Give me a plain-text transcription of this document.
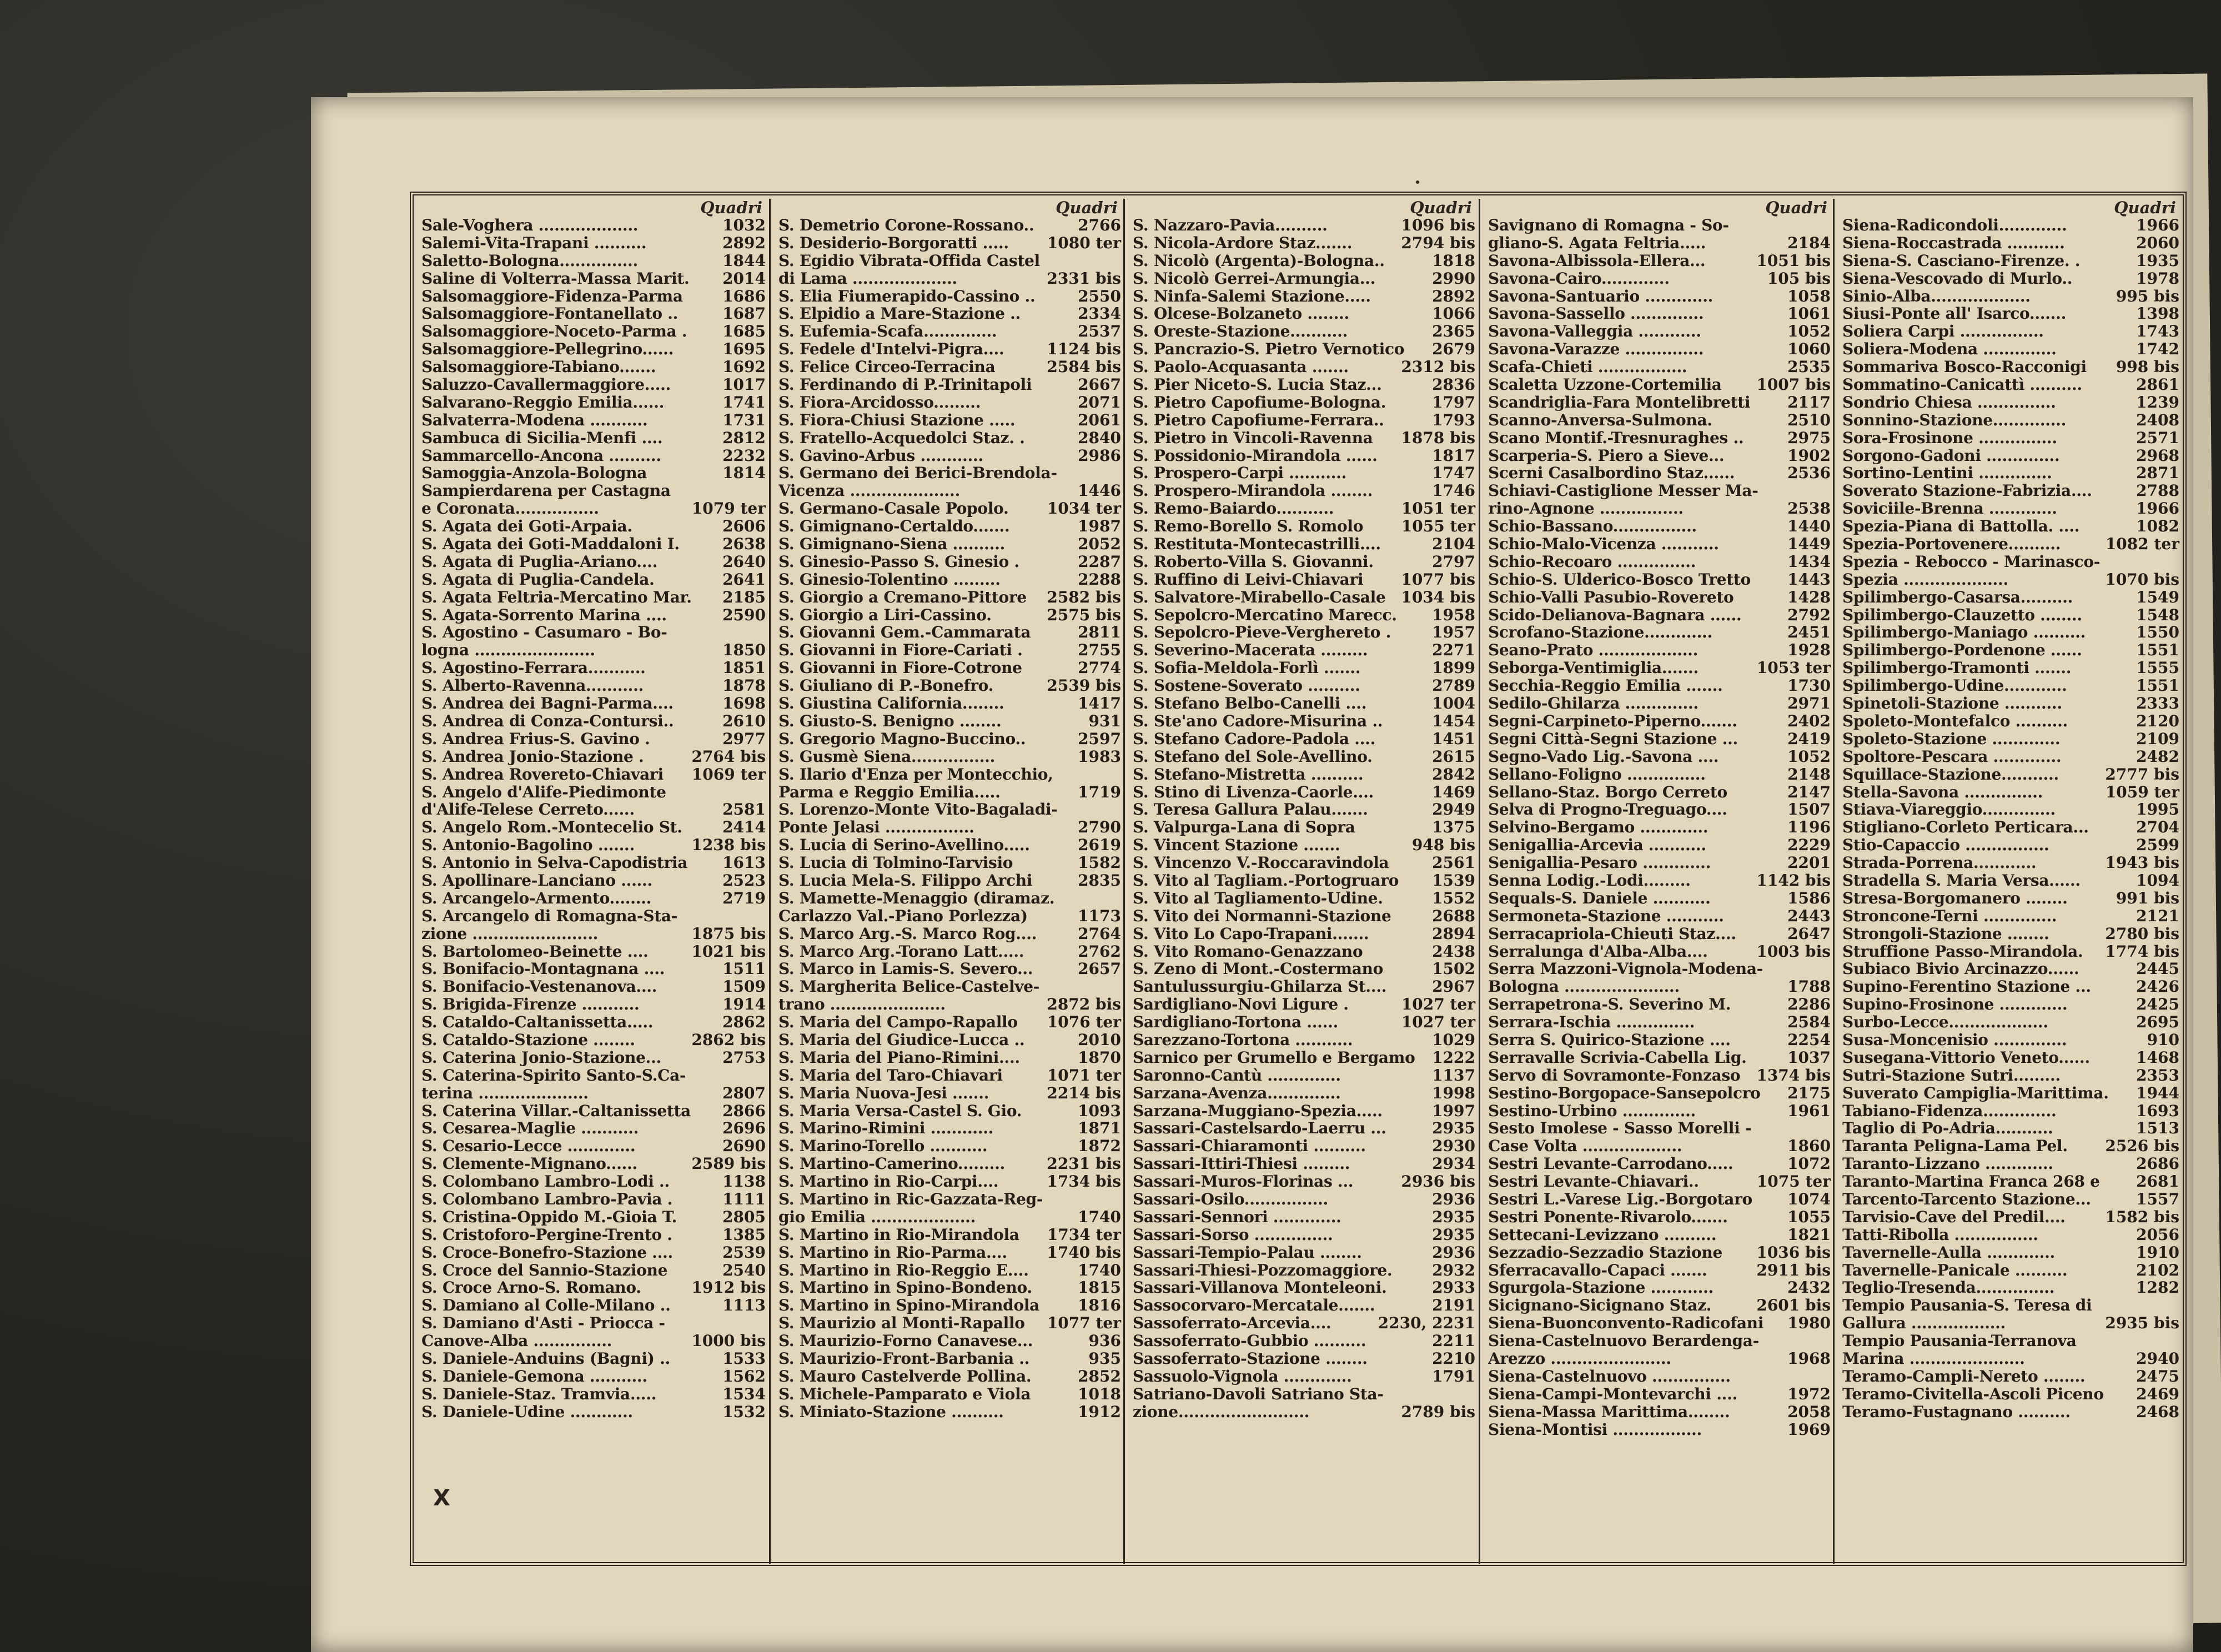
Quadri
Sale-Voghera ...................	1032
Salemi-Vita-Trapani ..........	2892
Saletto-Bologna...............	1844
Saline di Volterra-Massa Marit.	2014
Salsomaggiore-Fidenza-Parma	1686
Salsomaggiore-Fontanellato ..	1687
Salsomaggiore-Noceto-Parma .	1685
Salsomaggiore-Pellegrino......	1695
Salsomaggiore-Tabiano.......	1692
Saluzzo-Cavallermaggiore.....	1017
Salvarano-Reggio Emilia......	1741
Salvaterra-Modena ...........	1731
Sambuca di Sicilia-Menfi ....	2812
Sammarcello-Ancona ..........	2232
Samoggia-Anzola-Bologna	1814
Sampierdarena per Castagna
e Coronata................	1079 ter
S. Agata dei Goti-Arpaia.	2606
S. Agata dei Goti-Maddaloni I.	2638
S. Agata di Puglia-Ariano....	2640
S. Agata di Puglia-Candela.	2641
S. Agata Feltria-Mercatino Mar.	2185
S. Agata-Sorrento Marina ....	2590
S. Agostino - Casumaro - Bo-
logna .......................	1850
S. Agostino-Ferrara...........	1851
S. Alberto-Ravenna...........	1878
S. Andrea dei Bagni-Parma....	1698
S. Andrea di Conza-Contursi..	2610
S. Andrea Frius-S. Gavino .	2977
S. Andrea Jonio-Stazione .	2764 bis
S. Andrea Rovereto-Chiavari	1069 ter
S. Angelo d'Alife-Piedimonte
d'Alife-Telese Cerreto......	2581
S. Angelo Rom.-Montecelio St.	2414
S. Antonio-Bagolino .......	1238 bis
S. Antonio in Selva-Capodistria	1613
S. Apollinare-Lanciano ......	2523
S. Arcangelo-Armento........	2719
S. Arcangelo di Romagna-Sta-
zione ........................	1875 bis
S. Bartolomeo-Beinette ....	1021 bis
S. Bonifacio-Montagnana ....	1511
S. Bonifacio-Vestenanova....	1509
S. Brigida-Firenze ...........	1914
S. Cataldo-Caltanissetta.....	2862
S. Cataldo-Stazione ........	2862 bis
S. Caterina Jonio-Stazione...	2753
S. Caterina-Spirito Santo-S.Ca-
terina .....................	2807
S. Caterina Villar.-Caltanissetta	2866
S. Cesarea-Maglie ...........	2696
S. Cesario-Lecce .............	2690
S. Clemente-Mignano......	2589 bis
S. Colombano Lambro-Lodi ..	1138
S. Colombano Lambro-Pavia .	1111
S. Cristina-Oppido M.-Gioia T.	2805
S. Cristoforo-Pergine-Trento .	1385
S. Croce-Bonefro-Stazione ....	2539
S. Croce del Sannio-Stazione	2540
S. Croce Arno-S. Romano.	1912 bis
S. Damiano al Colle-Milano ..	1113
S. Damiano d'Asti - Priocca -
Canove-Alba ...............	1000 bis
S. Daniele-Anduins (Bagni) ..	1533
S. Daniele-Gemona ...........	1562
S. Daniele-Staz. Tramvia.....	1534
S. Daniele-Udine ............	1532
Quadri
S. Demetrio Corone-Rossano..	2766
S. Desiderio-Borgoratti .....	1080 ter
S. Egidio Vibrata-Offida Castel
di Lama ....................	2331 bis
S. Elia Fiumerapido-Cassino ..	2550
S. Elpidio a Mare-Stazione ..	2334
S. Eufemia-Scafa..............	2537
S. Fedele d'Intelvi-Pigra....	1124 bis
S. Felice Circeo-Terracina	2584 bis
S. Ferdinando di P.-Trinitapoli	2667
S. Fiora-Arcidosso.........	2071
S. Fiora-Chiusi Stazione .....	2061
S. Fratello-Acquedolci Staz. .	2840
S. Gavino-Arbus ............	2986
S. Germano dei Berici-Brendola-
Vicenza .....................	1446
S. Germano-Casale Popolo.	1034 ter
S. Gimignano-Certaldo.......	1987
S. Gimignano-Siena ..........	2052
S. Ginesio-Passo S. Ginesio .	2287
S. Ginesio-Tolentino .........	2288
S. Giorgio a Cremano-Pittore	2582 bis
S. Giorgio a Liri-Cassino.	2575 bis
S. Giovanni Gem.-Cammarata	2811
S. Giovanni in Fiore-Cariati .	2755
S. Giovanni in Fiore-Cotrone	2774
S. Giuliano di P.-Bonefro.	2539 bis
S. Giustina California........	1417
S. Giusto-S. Benigno ........	931
S. Gregorio Magno-Buccino..	2597
S. Gusmè Siena................	1983
S. Ilario d'Enza per Montecchio,
Parma e Reggio Emilia.....	1719
S. Lorenzo-Monte Vito-Bagaladi-
Ponte Jelasi .................	2790
S. Lucia di Serino-Avellino.....	2619
S. Lucia di Tolmino-Tarvisio	1582
S. Lucia Mela-S. Filippo Archi	2835
S. Mamette-Menaggio (diramaz.
Carlazzo Val.-Piano Porlezza)	1173
S. Marco Arg.-S. Marco Rog....	2764
S. Marco Arg.-Torano Latt.....	2762
S. Marco in Lamis-S. Severo...	2657
S. Margherita Belice-Castelve-
trano ......................	2872 bis
S. Maria del Campo-Rapallo	1076 ter
S. Maria del Giudice-Lucca ..	2010
S. Maria del Piano-Rimini....	1870
S. Maria del Taro-Chiavari	1071 ter
S. Maria Nuova-Jesi .......	2214 bis
S. Maria Versa-Castel S. Gio.	1093
S. Marino-Rimini ............	1871
S. Marino-Torello ...........	1872
S. Martino-Camerino.........	2231 bis
S. Martino in Rio-Carpi....	1734 bis
S. Martino in Ric-Gazzata-Reg-
gio Emilia ....................	1740
S. Martino in Rio-Mirandola	1734 ter
S. Martino in Rio-Parma....	1740 bis
S. Martino in Rio-Reggio E....	1740
S. Martino in Spino-Bondeno.	1815
S. Martino in Spino-Mirandola	1816
S. Maurizio al Monti-Rapallo	1077 ter
S. Maurizio-Forno Canavese...	936
S. Maurizio-Front-Barbania ..	935
S. Mauro Castelverde Pollina.	2852
S. Michele-Pamparato e Viola	1018
S. Miniato-Stazione ..........	1912
Quadri
S. Nazzaro-Pavia..........	1096 bis
S. Nicola-Ardore Staz.......	2794 bis
S. Nicolò (Argenta)-Bologna..	1818
S. Nicolò Gerrei-Armungia...	2990
S. Ninfa-Salemi Stazione.....	2892
S. Olcese-Bolzaneto ........	1066
S. Oreste-Stazione...........	2365
S. Pancrazio-S. Pietro Vernotico	2679
S. Paolo-Acquasanta .......	2312 bis
S. Pier Niceto-S. Lucia Staz...	2836
S. Pietro Capofiume-Bologna.	1797
S. Pietro Capofiume-Ferrara..	1793
S. Pietro in Vincoli-Ravenna	1878 bis
S. Possidonio-Mirandola ......	1817
S. Prospero-Carpi ...........	1747
S. Prospero-Mirandola ........	1746
S. Remo-Baiardo...........	1051 ter
S. Remo-Borello S. Romolo	1055 ter
S. Restituta-Montecastrilli....	2104
S. Roberto-Villa S. Giovanni.	2797
S. Ruffino di Leivi-Chiavari	1077 bis
S. Salvatore-Mirabello-Casale 1034 bis
S. Sepolcro-Mercatino Marecc.	1958
S. Sepolcro-Pieve-Verghereto .	1957
S. Severino-Macerata .........	2271
S. Sofia-Meldola-Forlì .......	1899
S. Sostene-Soverato ..........	2789
S. Stefano Belbo-Canelli ....	1004
S. Ste'ano Cadore-Misurina ..	1454
S. Stefano Cadore-Padola ....	1451
S. Stefano del Sole-Avellino.	2615
S. Stefano-Mistretta ..........	2842
S. Stino di Livenza-Caorle....	1469
S. Teresa Gallura Palau.......	2949
S. Valpurga-Lana di Sopra	1375
S. Vincent Stazione .......	948 bis
S. Vincenzo V.-Roccaravindola	2561
S. Vito al Tagliam.-Portogruaro	1539
S. Vito al Tagliamento-Udine.	1552
S. Vito dei Normanni-Stazione	2688
S. Vito Lo Capo-Trapani.......	2894
S. Vito Romano-Genazzano	2438
S. Zeno di Mont.-Costermano	1502
Santulussurgiu-Ghilarza St....	2967
Sardigliano-Novi Ligure .	1027 ter
Sardigliano-Tortona ......	1027 ter
Sarezzano-Tortona ...........	1029
Sarnico per Grumello e Bergamo	1222
Saronno-Cantù ..............	1137
Sarzana-Avenza..............	1998
Sarzana-Muggiano-Spezia.....	1997
Sassari-Castelsardo-Laerru ...	2935
Sassari-Chiaramonti ..........	2930
Sassari-Ittiri-Thiesi .........	2934
Sassari-Muros-Florinas ...	2936 bis
Sassari-Osilo................	2936
Sassari-Sennori .............	2935
Sassari-Sorso ...............	2935
Sassari-Tempio-Palau ........	2936
Sassari-Thiesi-Pozzomaggiore.	2932
Sassari-Villanova Monteleoni.	2933
Sassocorvaro-Mercatale.......	2191
Sassoferrato-Arcevia....	2230, 2231
Sassoferrato-Gubbio ..........	2211
Sassoferrato-Stazione ........	2210
Sassuolo-Vignola .............	1791
Satriano-Davoli Satriano Sta-
zione.........................	2789 bis
Quadri
Savignano di Romagna - So-
gliano-S. Agata Feltria.....	2184
Savona-Albissola-Ellera...	1051 bis
Savona-Cairo.............	105 bis
Savona-Santuario .............	1058
Savona-Sassello ..............	1061
Savona-Valleggia ............	1052
Savona-Varazze ...............	1060
Scafa-Chieti .................	2535
Scaletta Uzzone-Cortemilia	1007 bis
Scandriglia-Fara Montelibretti	2117
Scanno-Anversa-Sulmona.	2510
Scano Montif.-Tresnuraghes ..	2975
Scarperia-S. Piero a Sieve...	1902
Scerni Casalbordino Staz......	2536
Schiavi-Castiglione Messer Ma-
rino-Agnone ................	2538
Schio-Bassano................	1440
Schio-Malo-Vicenza ...........	1449
Schio-Recoaro ...............	1434
Schio-S. Ulderico-Bosco Tretto	1443
Schio-Valli Pasubio-Rovereto	1428
Scido-Delianova-Bagnara ......	2792
Scrofano-Stazione.............	2451
Seano-Prato ...................	1928
Seborga-Ventimiglia.......	1053 ter
Secchia-Reggio Emilia .......	1730
Sedilo-Ghilarza ..............	2971
Segni-Carpineto-Piperno.......	2402
Segni Città-Segni Stazione ...	2419
Segno-Vado Lig.-Savona ....	1052
Sellano-Foligno ...............	2148
Sellano-Staz. Borgo Cerreto	2147
Selva di Progno-Treguago....	1507
Selvino-Bergamo .............	1196
Senigallia-Arcevia ...........	2229
Senigallia-Pesaro .............	2201
Senna Lodig.-Lodi.........	1142 bis
Sequals-S. Daniele ...........	1586
Sermoneta-Stazione ...........	2443
Serracapriola-Chieuti Staz....	2647
Serralunga d'Alba-Alba....	1003 bis
Serra Mazzoni-Vignola-Modena-
Bologna ......................	1788
Serrapetrona-S. Severino M.	2286
Serrara-Ischia ...............	2584
Serra S. Quirico-Stazione ....	2254
Serravalle Scrivia-Cabella Lig.	1037
Servo di Sovramonte-Fonzaso	1374 bis
Sestino-Borgopace-Sansepolcro	2175
Sestino-Urbino ..............	1961
Sesto Imolese - Sasso Morelli -
Case Volta ...................	1860
Sestri Levante-Carrodano.....	1072
Sestri Levante-Chiavari..	1075 ter
Sestri L.-Varese Lig.-Borgotaro	1074
Sestri Ponente-Rivarolo.......	1055
Settecani-Levizzano ..........	1821
Sezzadio-Sezzadio Stazione	1036 bis
Sferracavallo-Capaci .......	2911 bis
Sgurgola-Stazione ............	2432
Sicignano-Sicignano Staz.	2601 bis
Siena-Buonconvento-Radicofani	1980
Siena-Castelnuovo Berardenga-
Arezzo .......................	1968
Siena-Castelnuovo ...............
Siena-Campi-Montevarchi ....	1972
Siena-Massa Marittima........	2058
Siena-Montisi .................	1969
Quadri
Siena-Radicondoli.............	1966
Siena-Roccastrada ...........	2060
Siena-S. Casciano-Firenze. .	1935
Siena-Vescovado di Murlo..	1978
Sinio-Alba...................	995 bis
Siusi-Ponte all' Isarco.......	1398
Soliera Carpi ................	1743
Soliera-Modena ..............	1742
Sommariva Bosco-Racconigi	998 bis
Sommatino-Canicattì ..........	2861
Sondrio Chiesa ...............	1239
Sonnino-Stazione..............	2408
Sora-Frosinone ...............	2571
Sorgono-Gadoni ..............	2968
Sortino-Lentini ..............	2871
Soverato Stazione-Fabrizia....	2788
Soviciile-Brenna .............	1966
Spezia-Piana di Battolla. ....	1082
Spezia-Portovenere..........	1082 ter
Spezia - Rebocco - Marinasco-
Spezia ....................	1070 bis
Spilimbergo-Casarsa..........	1549
Spilimbergo-Clauzetto ........	1548
Spilimbergo-Maniago ..........	1550
Spilimbergo-Pordenone ......	1551
Spilimbergo-Tramonti .......	1555
Spilimbergo-Udine............	1551
Spinetoli-Stazione ...........	2333
Spoleto-Montefalco ..........	2120
Spoleto-Stazione .............	2109
Spoltore-Pescara .............	2482
Squillace-Stazione...........	2777 bis
Stella-Savona ...............	1059 ter
Stiava-Viareggio..............	1995
Stigliano-Corleto Perticara...	2704
Stio-Capaccio ................	2599
Strada-Porrena............	1943 bis
Stradella S. Maria Versa......	1094
Stresa-Borgomanero ........	991 bis
Stroncone-Terni ..............	2121
Strongoli-Stazione ........	2780 bis
Struffione Passo-Mirandola.	1774 bis
Subiaco Bivio Arcinazzo......	2445
Supino-Ferentino Stazione ...	2426
Supino-Frosinone .............	2425
Surbo-Lecce...................	2695
Susa-Moncenisio ..............	910
Susegana-Vittorio Veneto......	1468
Sutri-Stazione Sutri.........	2353
Suverato Campiglia-Marittima.	1944
Tabiano-Fidenza..............	1693
Taglio di Po-Adria...........	1513
Taranta Peligna-Lama Pel.	2526 bis
Taranto-Lizzano .............	2686
Taranto-Martina Franca 268 e	2681
Tarcento-Tarcento Stazione...	1557
Tarvisio-Cave del Predil....	1582 bis
Tatti-Ribolla ................	2056
Tavernelle-Aulla .............	1910
Tavernelle-Panicale ..........	2102
Teglio-Tresenda...............	1282
Tempio Pausania-S. Teresa di
Gallura ..................	2935 bis
Tempio Pausania-Terranova
Marina ......................	2940
Teramo-Campli-Nereto ........	2475
Teramo-Civitella-Ascoli Piceno	2469
Teramo-Fustagnano ..........	2468
X
